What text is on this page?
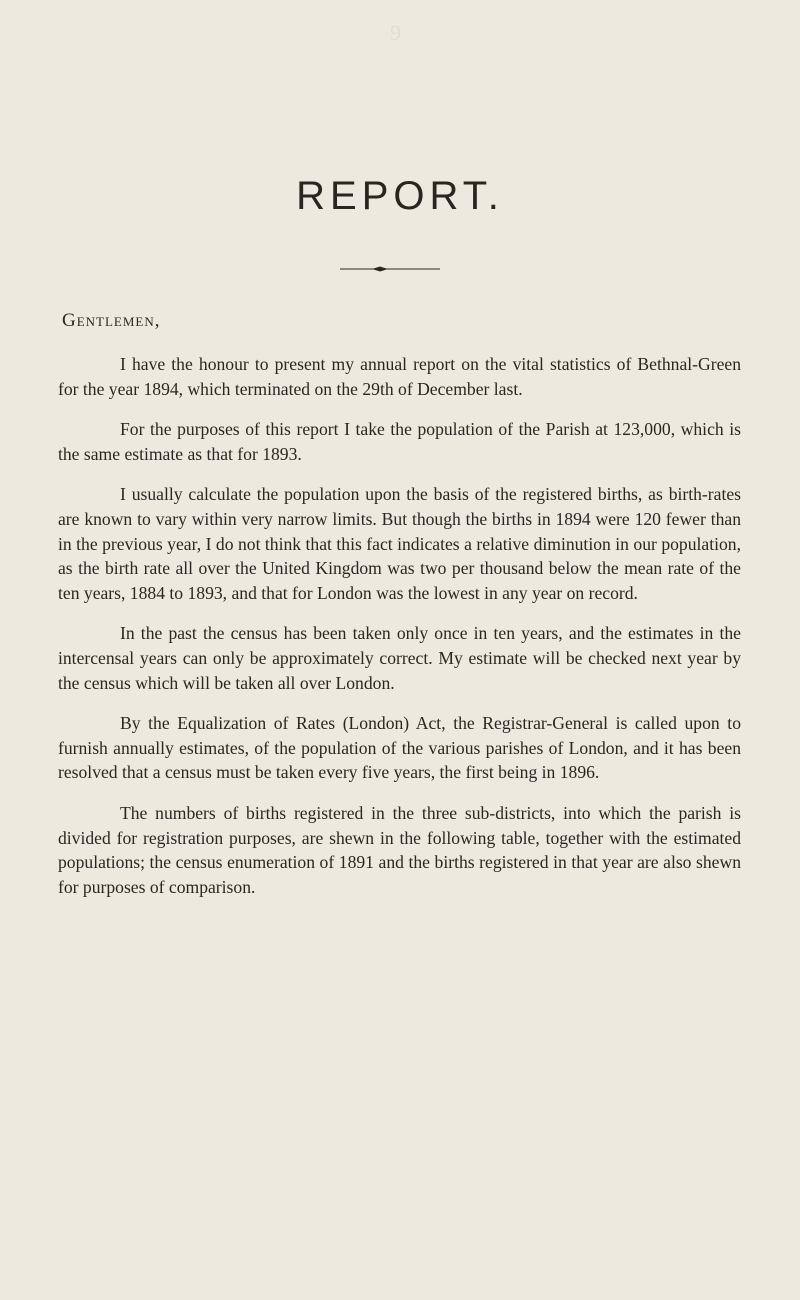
9
REPORT.
Gentlemen,

I have the honour to present my annual report on the vital statistics of Bethnal-Green for the year 1894, which terminated on the 29th of December last.

For the purposes of this report I take the population of the Parish at 123,000, which is the same estimate as that for 1893.

I usually calculate the population upon the basis of the registered births, as birth-rates are known to vary within very narrow limits. But though the births in 1894 were 120 fewer than in the previous year, I do not think that this fact indicates a relative diminution in our population, as the birth rate all over the United Kingdom was two per thousand below the mean rate of the ten years, 1884 to 1893, and that for London was the lowest in any year on record.

In the past the census has been taken only once in ten years, and the estimates in the intercensal years can only be approximately correct. My estimate will be checked next year by the census which will be taken all over London.

By the Equalization of Rates (London) Act, the Registrar-General is called upon to furnish annually estimates, of the population of the various parishes of London, and it has been resolved that a census must be taken every five years, the first being in 1896.

The numbers of births registered in the three sub-districts, into which the parish is divided for registration purposes, are shewn in the following table, together with the estimated populations; the census enumeration of 1891 and the births registered in that year are also shewn for purposes of comparison.
